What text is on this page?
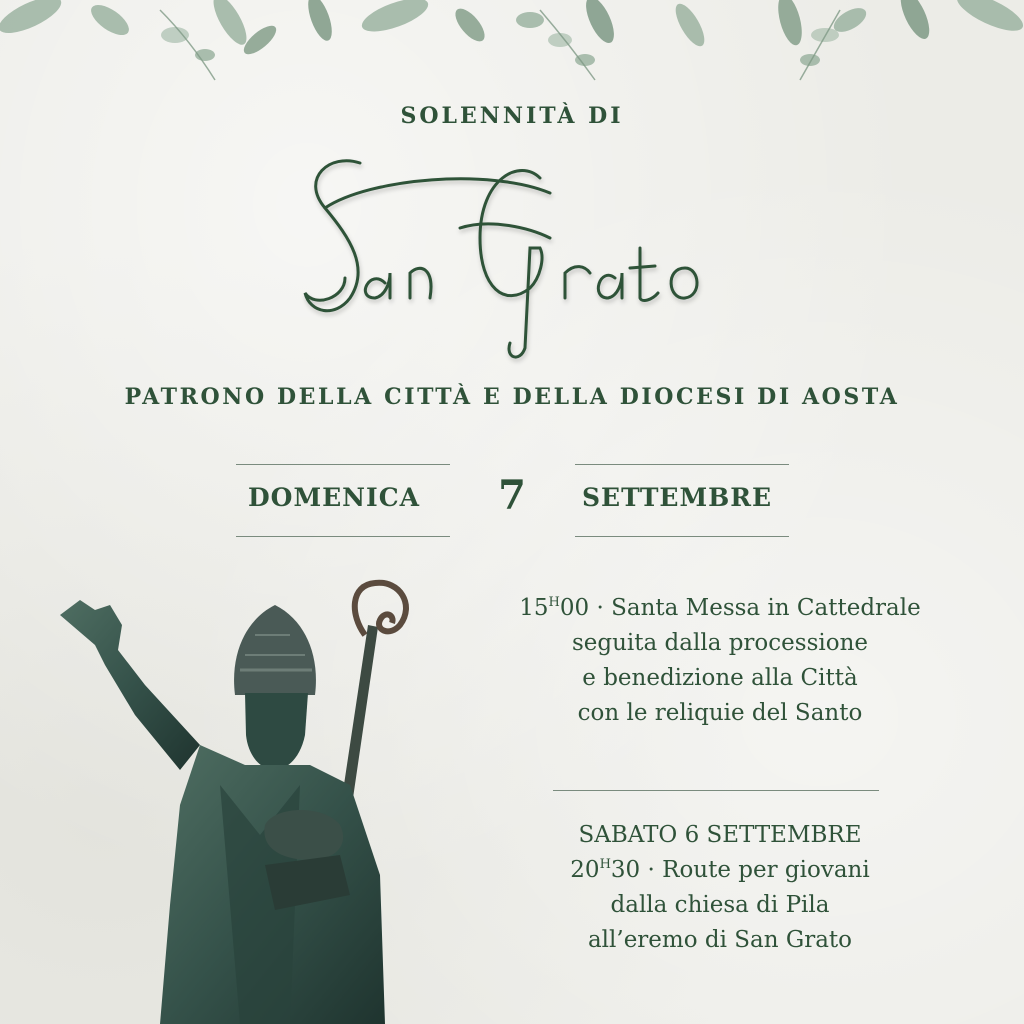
SOLENNITÀ DI
PATRONO DELLA CITTÀ E DELLA DIOCESI DI AOSTA
DOMENICA 7	SETTEMBRE

$15^H00$ · Santa Messa in Cattedrale

seguita dalla processione

e benedizione alla Città

con le reliquie del Santo

SABATO 6 SETTEMBRE

$20^H30$ · Route per giovani

dalla chiesa di Pila

all’eremo di San Grato
